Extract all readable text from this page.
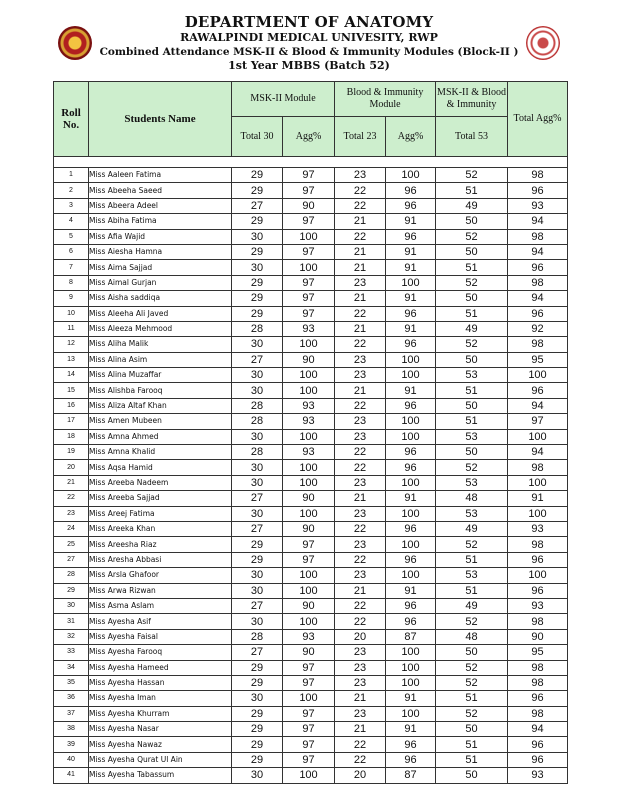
DEPARTMENT OF ANATOMY
RAWALPINDI MEDICAL UNIVESITY, RWP
Combined Attendance MSK-II & Blood & Immunity Modules (Block-II )
1st Year MBBS (Batch 52)
Roll No.	Students Name	MSK-II Module		Blood & Immunity Module		MSK-II & Blood & Immunity	Total Agg%
		Total 30	Agg%	Total 23	Agg%	Total 53	

1	Miss Aaleen Fatima	29	97	23	100	52	98
2	Miss Abeeha Saeed	29	97	22	96	51	96
3	Miss Abeera Adeel	27	90	22	96	49	93
4	Miss Abiha Fatima	29	97	21	91	50	94
5	Miss Afia Wajid	30	100	22	96	52	98
6	Miss Aiesha Hamna	29	97	21	91	50	94
7	Miss Aima Sajjad	30	100	21	91	51	96
8	Miss Aimal Gurjan	29	97	23	100	52	98
9	Miss Aisha saddiqa	29	97	21	91	50	94
10	Miss Aleeha Ali Javed	29	97	22	96	51	96
11	Miss Aleeza Mehmood	28	93	21	91	49	92
12	Miss Aliha Malik	30	100	22	96	52	98
13	Miss Alina Asim	27	90	23	100	50	95
14	Miss Alina Muzaffar	30	100	23	100	53	100
15	Miss Alishba Farooq	30	100	21	91	51	96
16	Miss Aliza Altaf Khan	28	93	22	96	50	94
17	Miss Amen Mubeen	28	93	23	100	51	97
18	Miss Amna Ahmed	30	100	23	100	53	100
19	Miss Amna Khalid	28	93	22	96	50	94
20	Miss Aqsa Hamid	30	100	22	96	52	98
21	Miss Areeba Nadeem	30	100	23	100	53	100
22	Miss Areeba Sajjad	27	90	21	91	48	91
23	Miss Areej Fatima	30	100	23	100	53	100
24	Miss Areeka Khan	27	90	22	96	49	93
25	Miss Areesha Riaz	29	97	23	100	52	98
27	Miss Aresha Abbasi	29	97	22	96	51	96
28	Miss Arsla Ghafoor	30	100	23	100	53	100
29	Miss Arwa Rizwan	30	100	21	91	51	96
30	Miss Asma Aslam	27	90	22	96	49	93
31	Miss Ayesha Asif	30	100	22	96	52	98
32	Miss Ayesha Faisal	28	93	20	87	48	90
33	Miss Ayesha Farooq	27	90	23	100	50	95
34	Miss Ayesha Hameed	29	97	23	100	52	98
35	Miss Ayesha Hassan	29	97	23	100	52	98
36	Miss Ayesha Iman	30	100	21	91	51	96
37	Miss Ayesha Khurram	29	97	23	100	52	98
38	Miss Ayesha Nasar	29	97	21	91	50	94
39	Miss Ayesha Nawaz	29	97	22	96	51	96
40	Miss Ayesha Qurat Ul Ain	29	97	22	96	51	96
41	Miss Ayesha Tabassum	30	100	20	87	50	93
